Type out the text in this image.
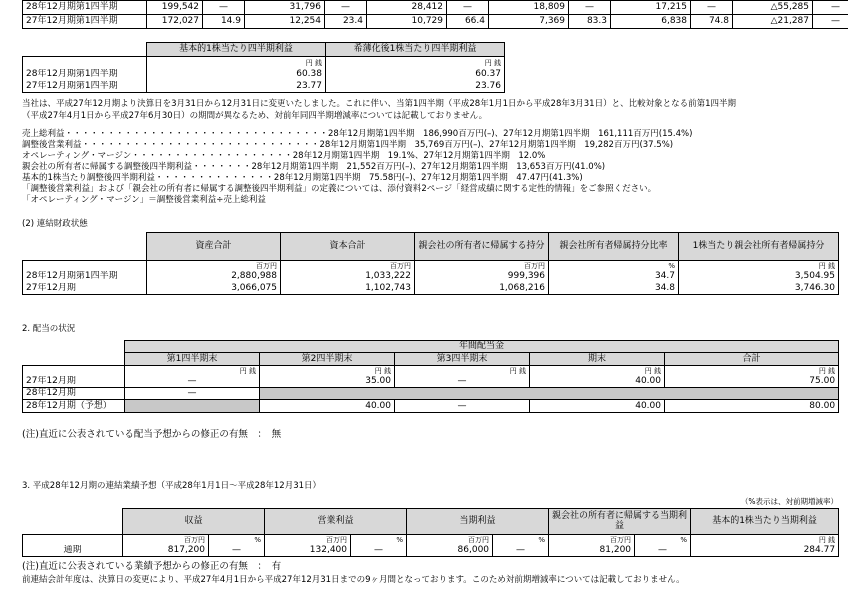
28年12月期第1四半期	199,542	—	31,796	—	28,412	—	18,809	—	17,215	—	△55,285	—
27年12月期第1四半期	172,027	14.9	12,254	23.4	10,729	66.4	7,369	83.3	6,838	74.8	△21,287	—
	基本的1株当たり四半期利益	希薄化後1株当たり四半期利益
	円 銭	円 銭
28年12月期第1四半期	60.38	60.37
27年12月期第1四半期	23.77	23.76
当社は、平成27年12月期より決算日を3月31日から12月31日に変更いたしました。これに伴い、当第1四半期（平成28年1月1日から平成28年3月31日）と、比較対象となる前第1四半期
（平成27年4月1日から平成27年6月30日）の期間が異なるため、対前年同四半期増減率については記載しておりません。
売上総利益・・・・・・・・・・・・・・・・・・・・・・・・・・・・・・・28年12月期第1四半期　186,990百万円(–)、27年12月期第1四半期　161,111百万円(15.4%)
調整後営業利益・・・・・・・・・・・・・・・・・・・・・・・・・・・・28年12月期第1四半期　35,769百万円(–)、27年12月期第1四半期　19,282百万円(37.5%)
オペレーティング・マージン・・・・・・・・・・・・・・・・・・・28年12月期第1四半期　19.1%、27年12月期第1四半期　12.0%
親会社の所有者に帰属する調整後四半期利益・・・・・・・28年12月期第1四半期　21,552百万円(–)、27年12月期第1四半期　13,653百万円(41.0%)
基本的1株当たり調整後四半期利益・・・・・・・・・・・・・・28年12月期第1四半期　75.58円(–)、27年12月期第1四半期　47.47円(41.3%)
「調整後営業利益」および「親会社の所有者に帰属する調整後四半期利益」の定義については、添付資料2ページ「経営成績に関する定性的情報」をご参照ください。
「オペレーティング・マージン」＝調整後営業利益÷売上総利益
(2) 連結財政状態
	資産合計	資本合計	親会社の所有者に帰属する持分	親会社所有者帰属持分比率	1株当たり親会社所有者帰属持分
	百万円	百万円	百万円	%	円 銭
28年12月期第1四半期	2,880,988	1,033,222	999,396	34.7	3,504.95
27年12月期	3,066,075	1,102,743	1,068,216	34.8	3,746.30
2. 配当の状況
	年間配当金				
	第1四半期末	第2四半期末	第3四半期末	期末	合計
	円 銭	円 銭	円 銭	円 銭	円 銭
27年12月期	—	35.00	—	40.00	75.00
28年12月期	—				
28年12月期（予想）		40.00	—	40.00	80.00
(注)直近に公表されている配当予想からの修正の有無　：　無
3. 平成28年12月期の連結業績予想（平成28年1月1日～平成28年12月31日）
（%表示は、対前期増減率）
	収益		営業利益		当期利益		親会社の所有者に帰属する当期利益		基本的1株当たり当期利益
	百万円	%	百万円	%	百万円	%	百万円	%	円 銭
通期	817,200	—	132,400	—	86,000	—	81,200	—	284.77
(注)直近に公表されている業績予想からの修正の有無　：　有
前連結会計年度は、決算日の変更により、平成27年4月1日から平成27年12月31日までの9ヶ月間となっております。このため対前期増減率については記載しておりません。
